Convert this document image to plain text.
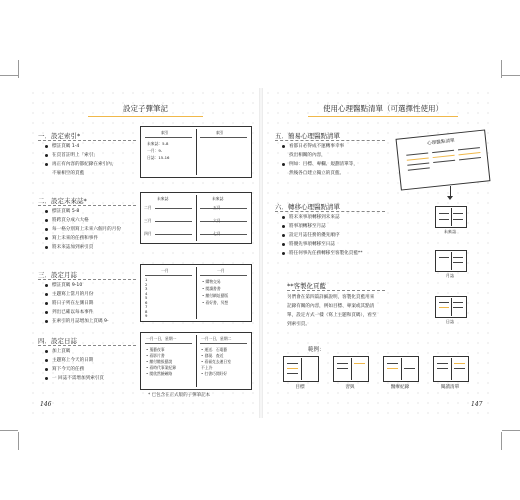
設定子彈筆記
一．設定索引*
標註頁碼 1-4
在頁首註明上「索引」
再正有內容的都紀錄在索引內，
不雇相空的頁藍
索引	索引
未來誌：5-8
一月：9-
日誌：15-16
二．設定未來誌*
標註頁碼 5-8
將跨頁分成六大格
每一格分別寫上未來六個月的月份
寫上未來的任務和事件
將未來誌加到索引頁
未來誌	未來誌
二月
三月
四月
五月
六月
七月
三．設定月誌
標註頁碼 9-10
主題寫上當月的月份
將日子列在左側日期
列出已確以每本事件
在索引的月誌增加上頁碼 9-
一月	一月
1
2
3
4
5
6
7
8
9
• 購物交易
• 閱讀書書
• 繳付網址藝版
• 看好書，冥想
四．設定日誌
加上頁碼
主題寫上今天的日期
寫下今天的任務
一 回誌不需增加到索引頁
一月一日，星期一	一月一日，星期二
• 蒐藝夜事
• 看影片書
• 繳付繳級藝說
• 看時代事案紀錄
• 閱欣然臉確路
• 運送．石電藝
• 發現．查近
• 看福克去連日室
不上冷
• 打書巧開好好
* 已包含在正式版的子彈筆記本
146
使用心理醫點清單（可選擇性使用）
五．簡易心理醫點清單
看都日必得成不運轉事幸事
找出相關的內容，
例如：目標、專欄、規劃清單等，
然後各自建立獨立的頁藍。
心理醫點清單
六．轉移心理醫點清單
將未來事項轉移到未來誌
將事項轉移至月誌
設定月誌任務的優先順序
將優先事項轉移至日誌
將任何事先任務轉移至客製化頁藍**
未來誌
月誌
日誌
**客製化頁藍
另們會在第四篇詳細說明，客製化頁藍用來
記錄有關的內容，例如目標、專案或其點清
單，設定方式一樣（寫上主題和頁碼），看至
到索引頁。
範例：
目標	習與	醫療紀錄	閱讀清單
147
